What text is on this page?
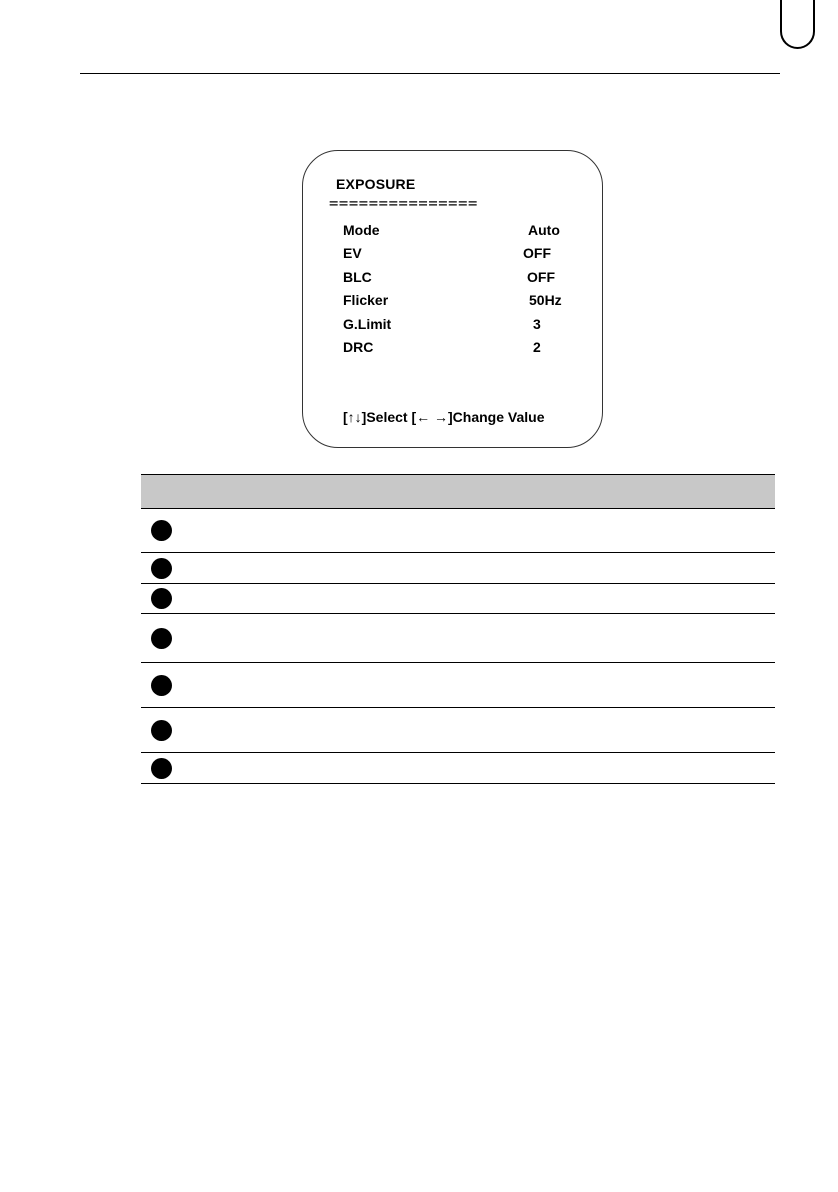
EXPOSURE
===============
Mode	Auto
EV	OFF
BLC	OFF
Flicker	50Hz
G.Limit	3
DRC	2
[↑↓]Select [← →]Change Value
